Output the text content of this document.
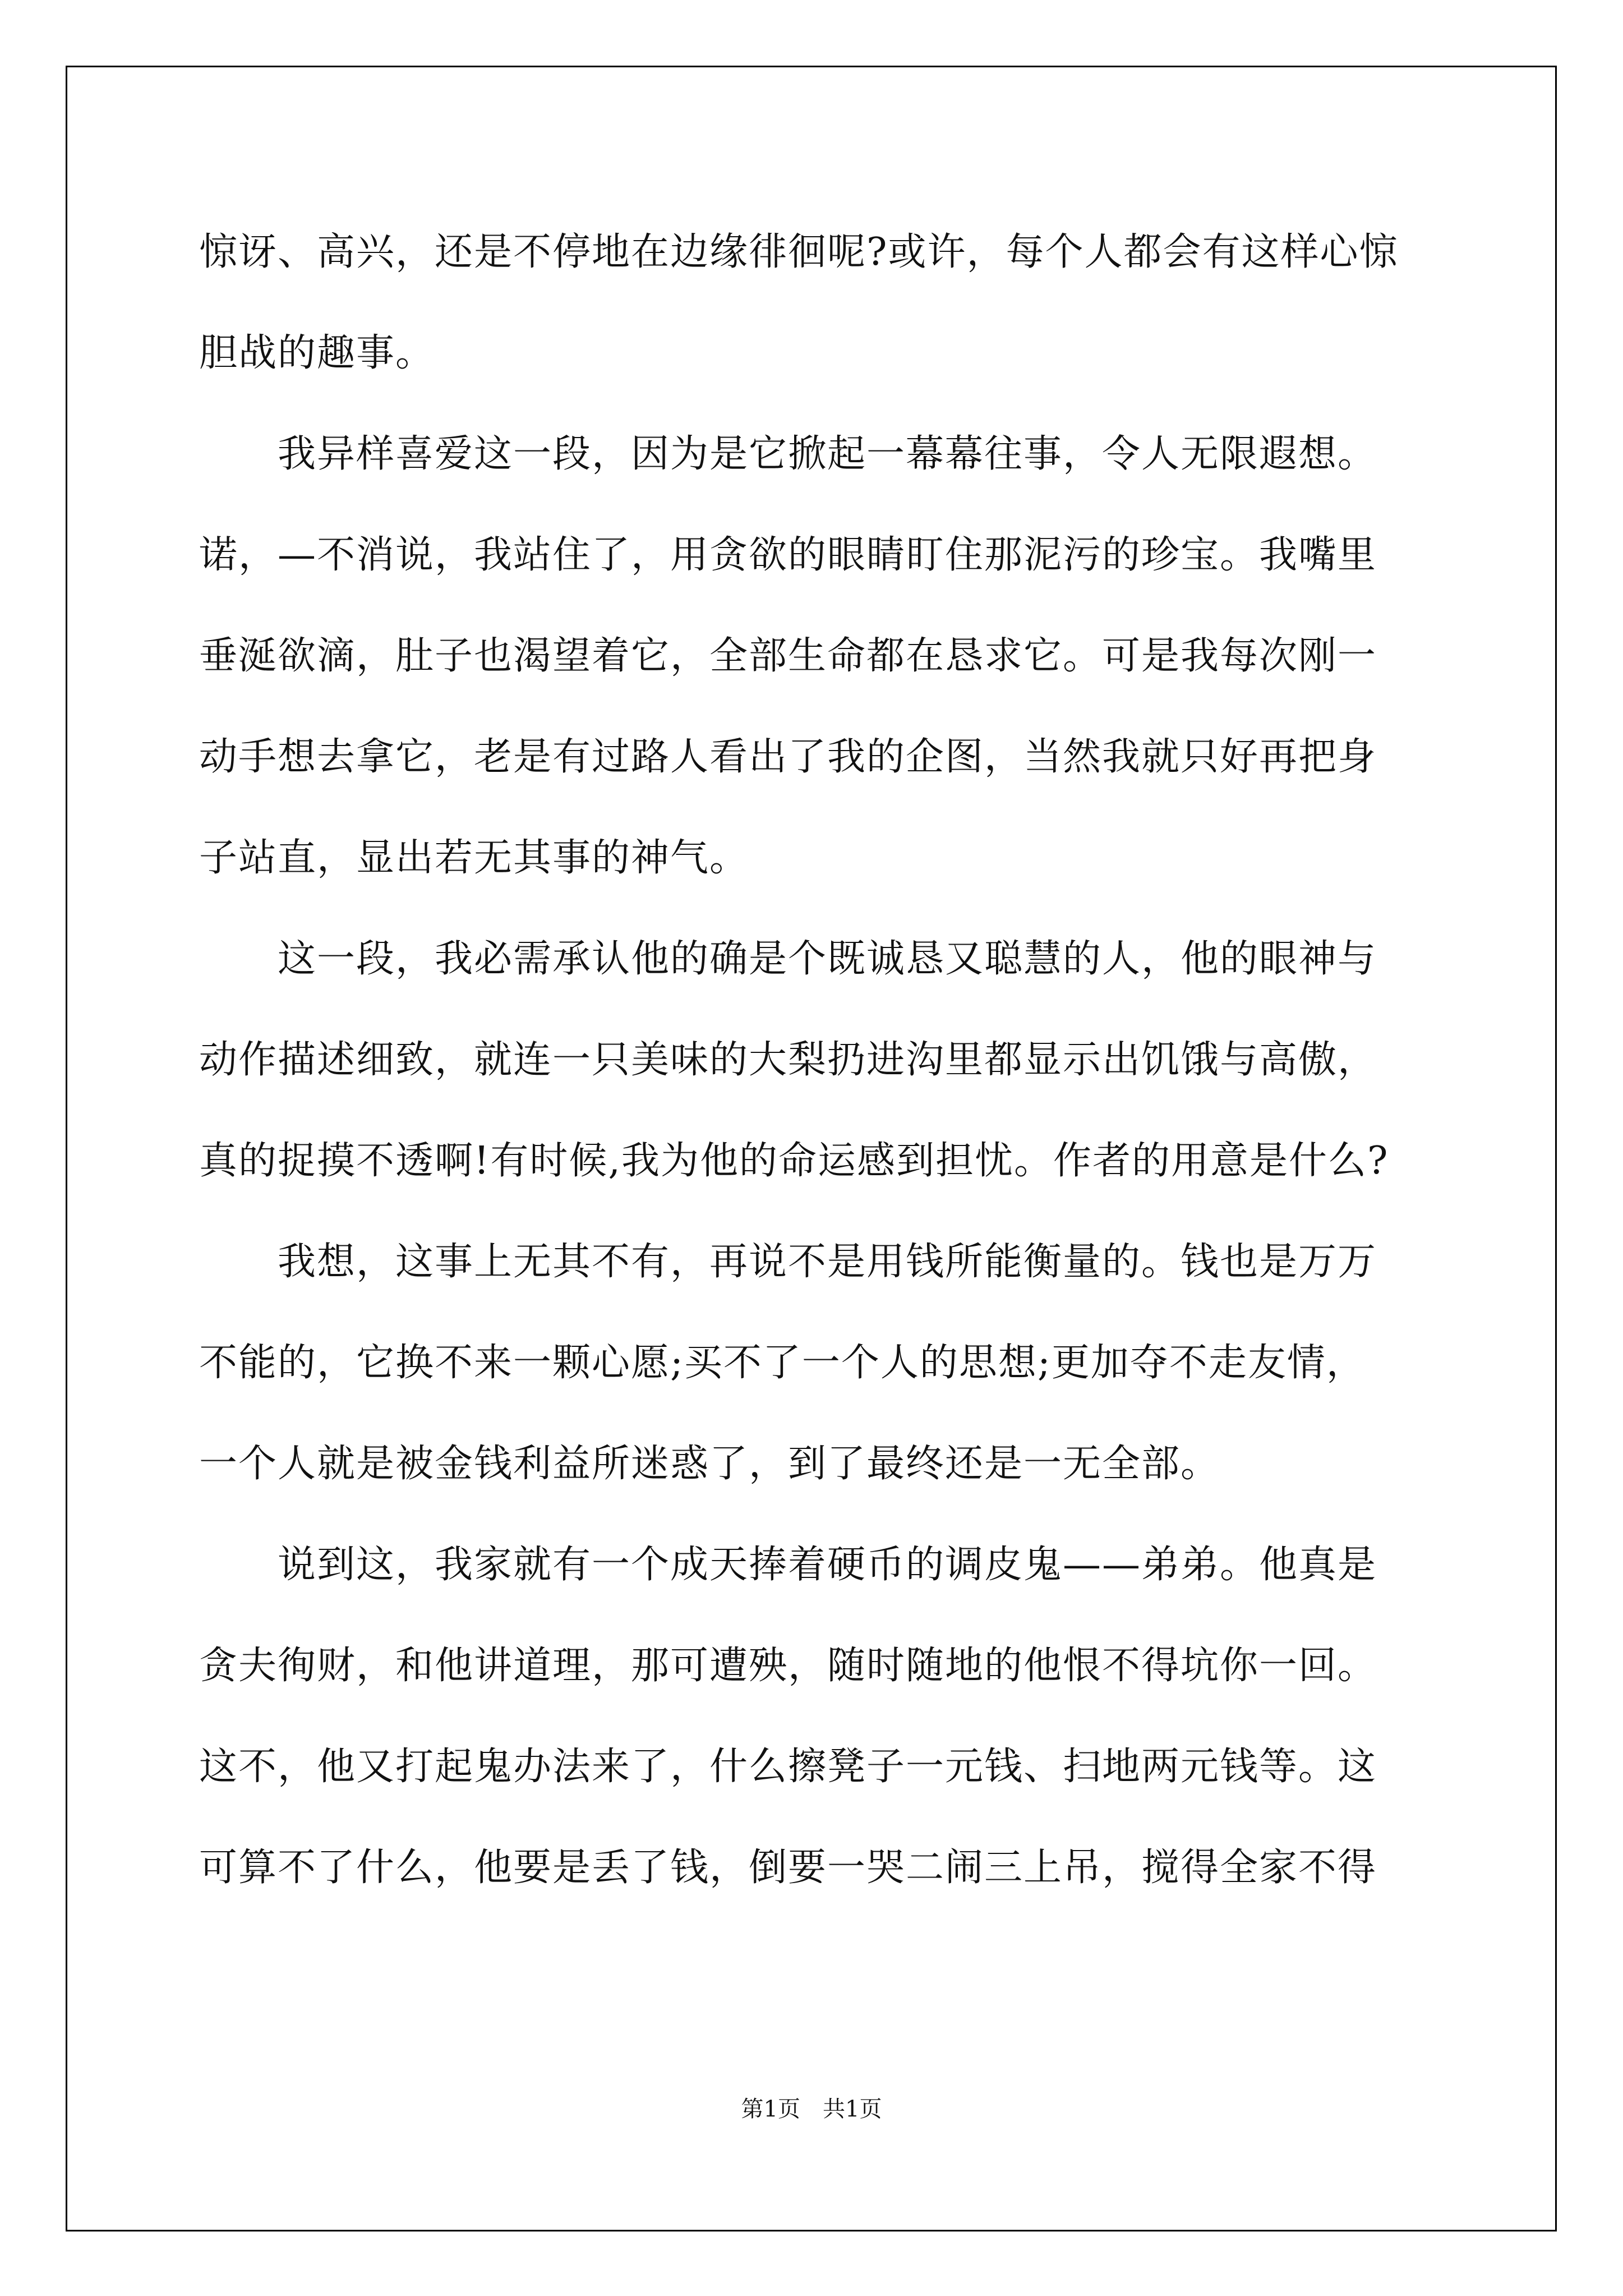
惊讶、高兴，还是不停地在边缘徘徊呢?或许，每个人都会有这样心惊
胆战的趣事。
我异样喜爱这一段，因为是它掀起一幕幕往事，令人无限遐想。
诺，—不消说，我站住了，用贪欲的眼睛盯住那泥污的珍宝。我嘴里
垂涎欲滴，肚子也渴望着它，全部生命都在恳求它。可是我每次刚一
动手想去拿它，老是有过路人看出了我的企图，当然我就只好再把身
子站直，显出若无其事的神气。
这一段，我必需承认他的确是个既诚恳又聪慧的人，他的眼神与
动作描述细致，就连一只美味的大梨扔进沟里都显示出饥饿与高傲，
真的捉摸不透啊!有时候,我为他的命运感到担忧。作者的用意是什么?
我想，这事上无其不有，再说不是用钱所能衡量的。钱也是万万
不能的，它换不来一颗心愿;买不了一个人的思想;更加夺不走友情，
一个人就是被金钱利益所迷惑了，到了最终还是一无全部。
说到这，我家就有一个成天捧着硬币的调皮鬼——弟弟。他真是
贪夫徇财，和他讲道理，那可遭殃，随时随地的他恨不得坑你一回。
这不，他又打起鬼办法来了，什么擦凳子一元钱、扫地两元钱等。这
可算不了什么，他要是丢了钱，倒要一哭二闹三上吊，搅得全家不得
第1页　共1页
